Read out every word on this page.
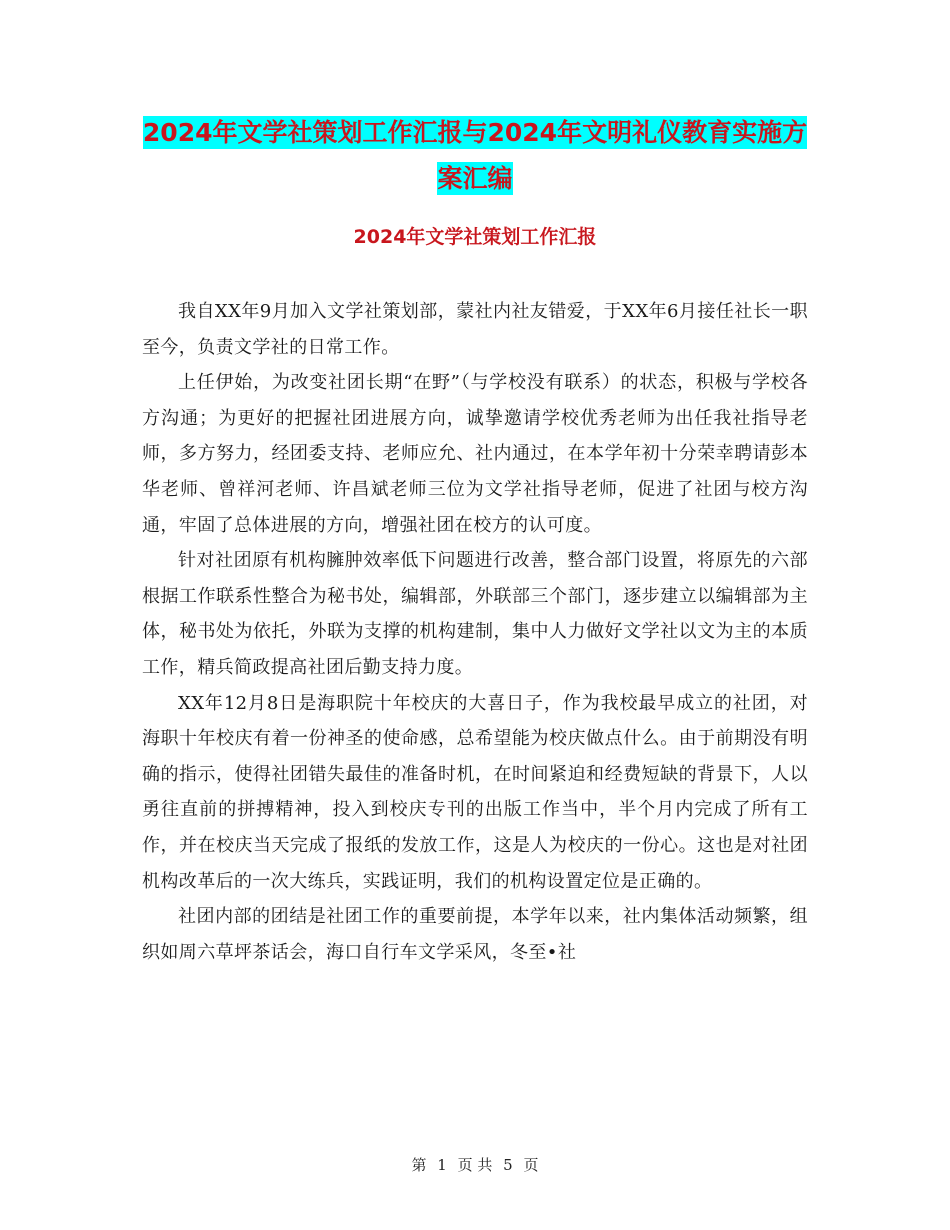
2024年文学社策划工作汇报与2024年文明礼仪教育实施方案汇编
2024年文学社策划工作汇报

我自XX年9月加入文学社策划部，蒙社内社友错爱，于XX年6月接任社长一职至今，负责文学社的日常工作。

上任伊始，为改变社团长期“在野”（与学校没有联系）的状态，积极与学校各方沟通；为更好的把握社团进展方向，诚挚邀请学校优秀老师为出任我社指导老师，多方努力，经团委支持、老师应允、社内通过，在本学年初十分荣幸聘请彭本华老师、曾祥河老师、许昌斌老师三位为文学社指导老师，促进了社团与校方沟通，牢固了总体进展的方向，增强社团在校方的认可度。

针对社团原有机构臃肿效率低下问题进行改善，整合部门设置，将原先的六部根据工作联系性整合为秘书处，编辑部，外联部三个部门，逐步建立以编辑部为主体，秘书处为依托，外联为支撑的机构建制，集中人力做好文学社以文为主的本质工作，精兵简政提高社团后勤支持力度。

XX年12月8日是海职院十年校庆的大喜日子，作为我校最早成立的社团，对海职十年校庆有着一份神圣的使命感，总希望能为校庆做点什么。由于前期没有明确的指示，使得社团错失最佳的准备时机，在时间紧迫和经费短缺的背景下，人以勇往直前的拼搏精神，投入到校庆专刊的出版工作当中，半个月内完成了所有工作，并在校庆当天完成了报纸的发放工作，这是人为校庆的一份心。这也是对社团机构改革后的一次大练兵，实践证明，我们的机构设置定位是正确的。

社团内部的团结是社团工作的重要前提，本学年以来，社内集体活动频繁，组织如周六草坪茶话会，海口自行车文学采风，冬至•社

第 1 页 共 5 页
